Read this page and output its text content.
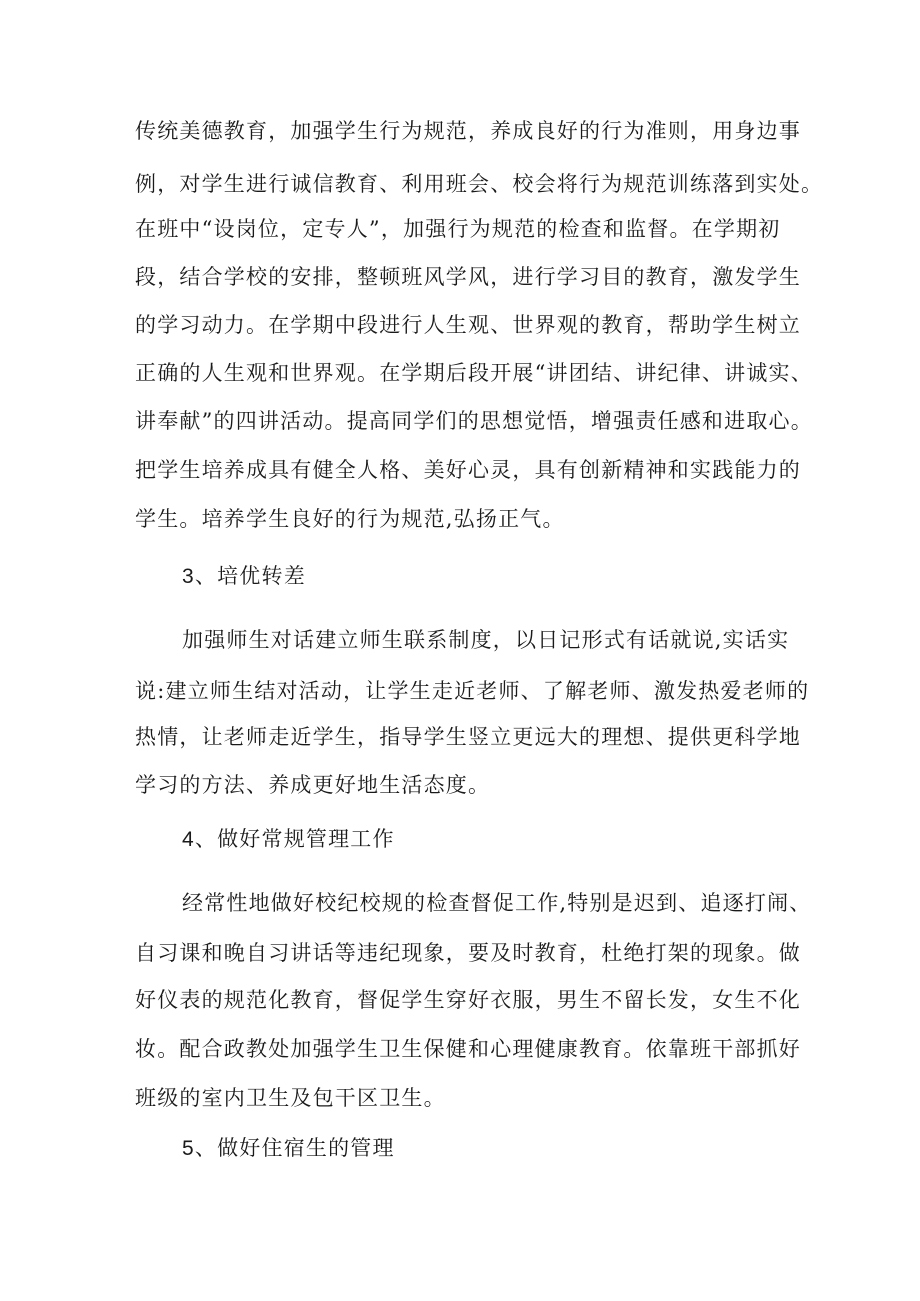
传统美德教育，加强学生行为规范，养成良好的行为准则，用身边事
例，对学生进行诚信教育、利用班会、校会将行为规范训练落到实处。
在班中“设岗位，定专人”，加强行为规范的检查和监督。在学期初
段，结合学校的安排，整顿班风学风，进行学习目的教育，激发学生
的学习动力。在学期中段进行人生观、世界观的教育，帮助学生树立
正确的人生观和世界观。在学期后段开展“讲团结、讲纪律、讲诚实、
讲奉献”的四讲活动。提高同学们的思想觉悟，增强责任感和进取心。
把学生培养成具有健全人格、美好心灵，具有创新精神和实践能力的
学生。培养学生良好的行为规范,弘扬正气。
3、培优转差
加强师生对话建立师生联系制度，以日记形式有话就说,实话实
说:建立师生结对活动，让学生走近老师、了解老师、激发热爱老师的
热情，让老师走近学生，指导学生竖立更远大的理想、提供更科学地
学习的方法、养成更好地生活态度。
4、做好常规管理工作
经常性地做好校纪校规的检查督促工作,特别是迟到、追逐打闹、
自习课和晚自习讲话等违纪现象，要及时教育，杜绝打架的现象。做
好仪表的规范化教育，督促学生穿好衣服，男生不留长发，女生不化
妆。配合政教处加强学生卫生保健和心理健康教育。依靠班干部抓好
班级的室内卫生及包干区卫生。
5、做好住宿生的管理
